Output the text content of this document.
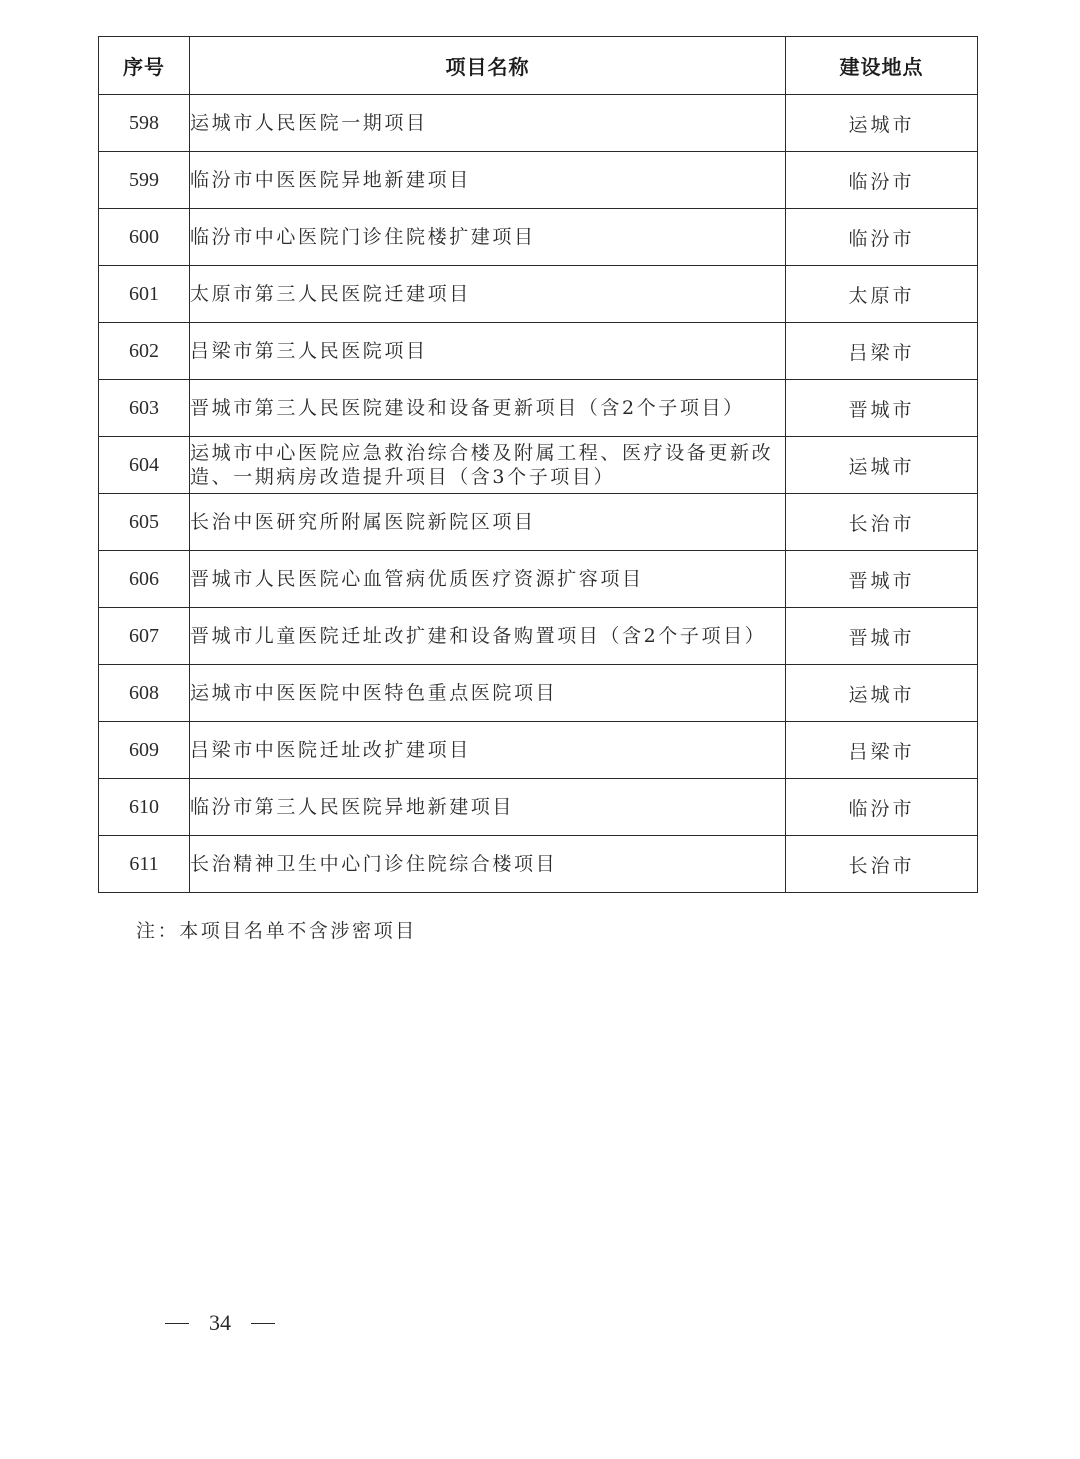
序号	项目名称	建设地点
598	运城市人民医院一期项目	运城市
599	临汾市中医医院异地新建项目	临汾市
600	临汾市中心医院门诊住院楼扩建项目	临汾市
601	太原市第三人民医院迁建项目	太原市
602	吕梁市第三人民医院项目	吕梁市
603	晋城市第三人民医院建设和设备更新项目（含2个子项目）	晋城市
604	运城市中心医院应急救治综合楼及附属工程、医疗设备更新改造、一期病房改造提升项目（含3个子项目）	运城市
605	长治中医研究所附属医院新院区项目	长治市
606	晋城市人民医院心血管病优质医疗资源扩容项目	晋城市
607	晋城市儿童医院迁址改扩建和设备购置项目（含2个子项目）	晋城市
608	运城市中医医院中医特色重点医院项目	运城市
609	吕梁市中医院迁址改扩建项目	吕梁市
610	临汾市第三人民医院异地新建项目	临汾市
611	长治精神卫生中心门诊住院综合楼项目	长治市
注：本项目名单不含涉密项目
34
